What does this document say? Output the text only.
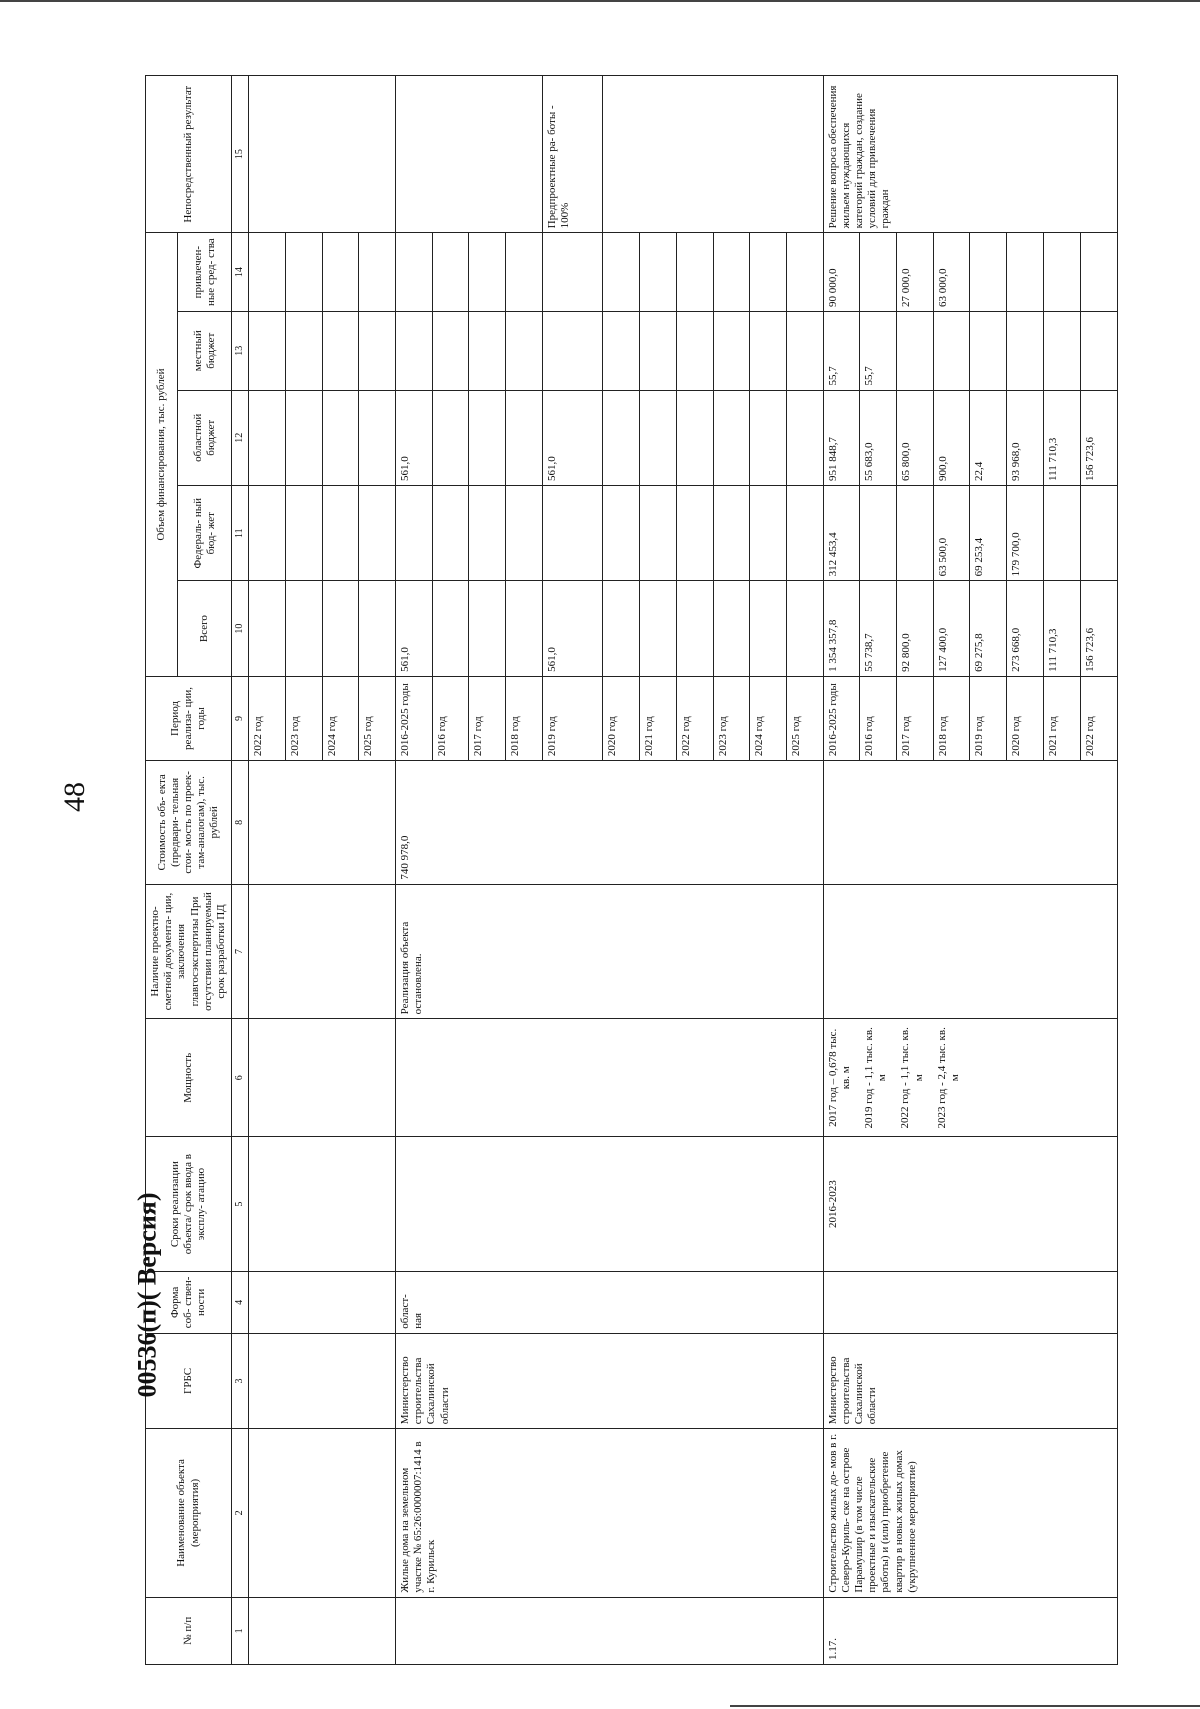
48
№ п/п	Наименование объекта (мероприятия)	ГРБС	Форма соб- ствен- ности	Сроки реализации объекта/ срок ввода в эксплу- атацию	Мощность	Наличие проектно- сметной документа- ции, заключения главгосэкспертизы При отсутствии планируемый срок разработки ПД	Стоимость объ- екта (предвари- тельная стои- мость по проек- там-аналогам), тыс. рублей	Период реализа- ции, годы	Объем финансирования, тыс. рублей					Непосредственный результат
									Всего	Федераль- ный бюд- жет	областной бюджет	местный бюджет	привлечен- ные сред- ства	
1	2	3	4	5	6	7	8	9	10	11	12	13	14	15
								2022 год						
								2023 год						
								2024 год						
								2025 год						
	Жилые дома на земельном участке № 65:26:0000007:1414 в г. Курильск	Министерство строительства Сахалинской области	област- ная			Реализация объекта остановлена.	740 978,0	2016-2025 годы	561,0		561,0			
								2016 год						
								2017 год						
								2018 год						
								2019 год	561,0		561,0			Предпроектные ра- боты - 100%
								2020 год						
								2021 год						
								2022 год						
								2023 год						
								2024 год						
								2025 год						
1.17.	Строительство жилых до- мов в г. Северо-Куриль- ске на острове Парамушир (в том числе проектные и изыскательские работы) и (или) приобретение квартир в новых жилых домах (укрупненное мероприятие)	Министерство строительства Сахалинской области		2016-2023	2017 год – 0,678 тыс. кв. м 2019 год - 1,1 тыс. кв. м 2022 год - 1,1 тыс. кв. м 2023 год - 2,4 тыс. кв. м			2016-2025 годы	1 354 357,8	312 453,4	951 848,7	55,7	90 000,0	Решение вопроса обеспечения жильем нуждающихся категорий граждан, создание условий для привлечения граждан
								2016 год	55 738,7		55 683,0	55,7		
								2017 год	92 800,0		65 800,0		27 000,0	
								2018 год	127 400,0	63 500,0	900,0		63 000,0	
								2019 год	69 275,8	69 253,4	22,4			
								2020 год	273 668,0	179 700,0	93 968,0			
								2021 год	111 710,3		111 710,3			
								2022 год	156 723,6		156 723,6			
00536(п)( Версия)
